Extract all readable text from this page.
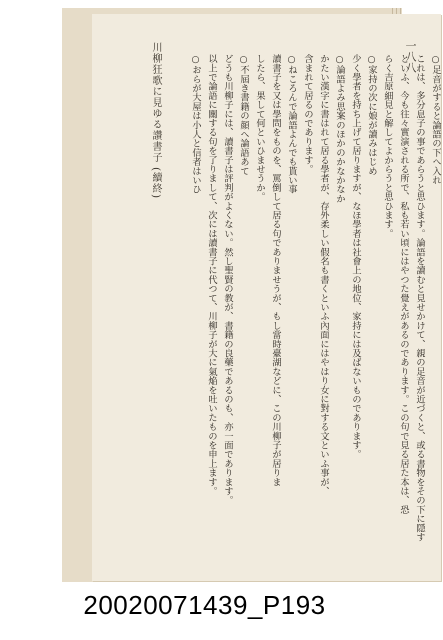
一八八	○足音がすると論語の下へ入れ
これは、多分息子の事であらうと思ひます。論語を讀むと見せかけて、親の足音が近づくと、或る書物をその下に隠す
といふ、今も往々實演される所で、私も若い頃にはやつた覺えがあるのであります。この句で見る居た本は、恐
らく吉原細見と解してよからうと思ひます。
○家持の次に娘が讀みはじめ
少く學者を持ち上げて居りますが、なほ學者は社會上の地位、家持には及ばないものであります。
○論語よみ思案のほかのかなかなか
かたい漢字に書はれて居る學者が、存外柔しい假名も書くといふ內面にはやはり女に對する文といふ事が、
含まれて居るのであります。
○ねころんで論語よんでも貰い事
讀書子を又は學問をものを、罵倒して居る句でありませうが、もし當時臺湖などに、この川柳子が居りま
したら、果して何といひませうか。
○不屆き書籍の顔へ論語あて
どうも川柳子には、讀書子は評判がよくない。然し聖賢の教が、書籍の良藥であるのも、亦一面であります。
以上で論語に關する句を了りまして、次には讀書子に代つて、川柳子が大に氣焔を吐いたものを申上ます。
○おらが大屋は小人と信者はいひ

川柳狂歌に見ゆる讚書子 (續終)

20020071439_P193
